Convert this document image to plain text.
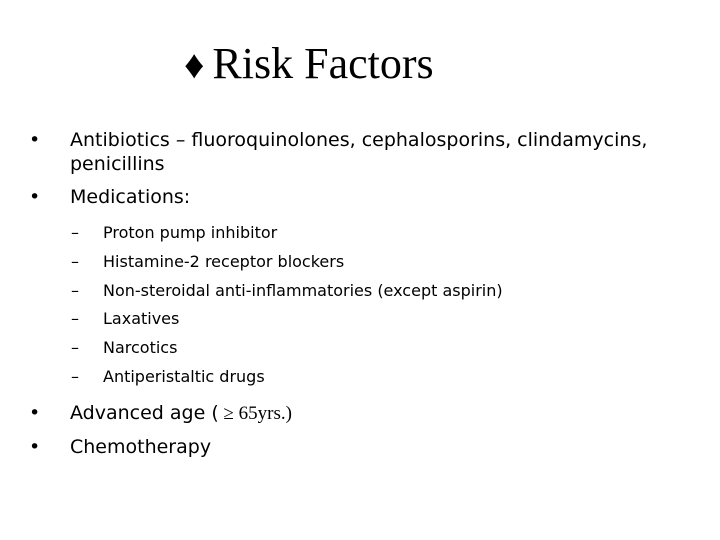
♦ Risk Factors
•	Antibiotics – fluoroquinolones, cephalosporins, clindamycins,
penicillins
•	Medications:
–	Proton pump inhibitor
–	Histamine-2 receptor blockers
–	Non-steroidal anti-inflammatories (except aspirin)
–	Laxatives
–	Narcotics
–	Antiperistaltic drugs
•	Advanced age ( ≥ 65yrs.)
•	Chemotherapy
